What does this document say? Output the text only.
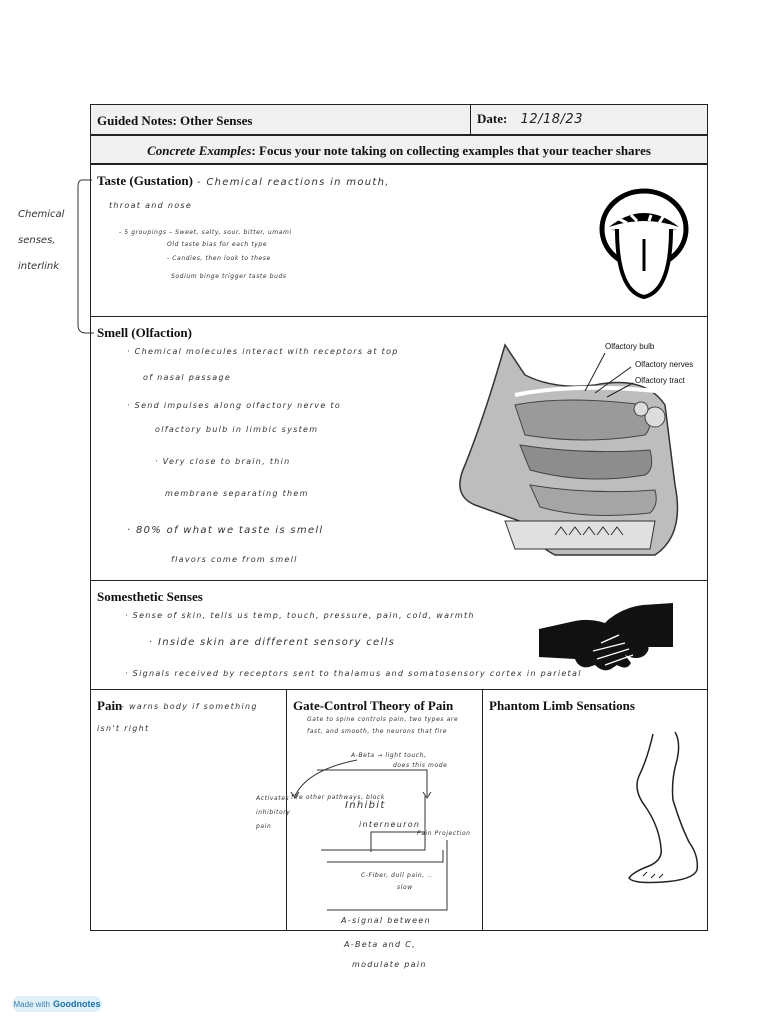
Chemical
senses,
interlink
Guided Notes: Other Senses	Date: 12/18/23
Concrete Examples: Focus your note taking on collecting examples that your teacher shares
Taste (Gustation) - Chemical reactions in mouth,
throat and nose
- 5 groupings – Sweet, salty, sour, bitter, umami
Old taste bias for each type
- Candies, then look to these
Sodium binge trigger taste buds
Smell (Olfaction)
· Chemical molecules interact with receptors at top
of nasal passage
· Send impulses along olfactory nerve to
olfactory bulb in limbic system
· Very close to brain, thin
membrane separating them
· 80% of what we taste is smell
flavors come from smell
Olfactory bulb
Olfactory nerves
Olfactory tract
Somesthetic Senses
· Sense of skin, tells us temp, touch, pressure, pain, cold, warmth
· Inside skin are different sensory cells
· Signals received by receptors sent to thalamus and somatosensory cortex in parietal
Pain
- warns body if something
isn't right
Gate-Control Theory of Pain
Gate to spine controls pain, two types are
fast, and smooth, the neurons that fire
A-Beta → light touch,
does this mode
fire other pathways, block
Inhibit
interneuron
Pain Projection
C-Fiber, dull pain, ..
slow
A-signal between
Phantom Limb Sensations
Activates inhibitory pain
A-Beta and C,
modulate pain
Made with Goodnotes
